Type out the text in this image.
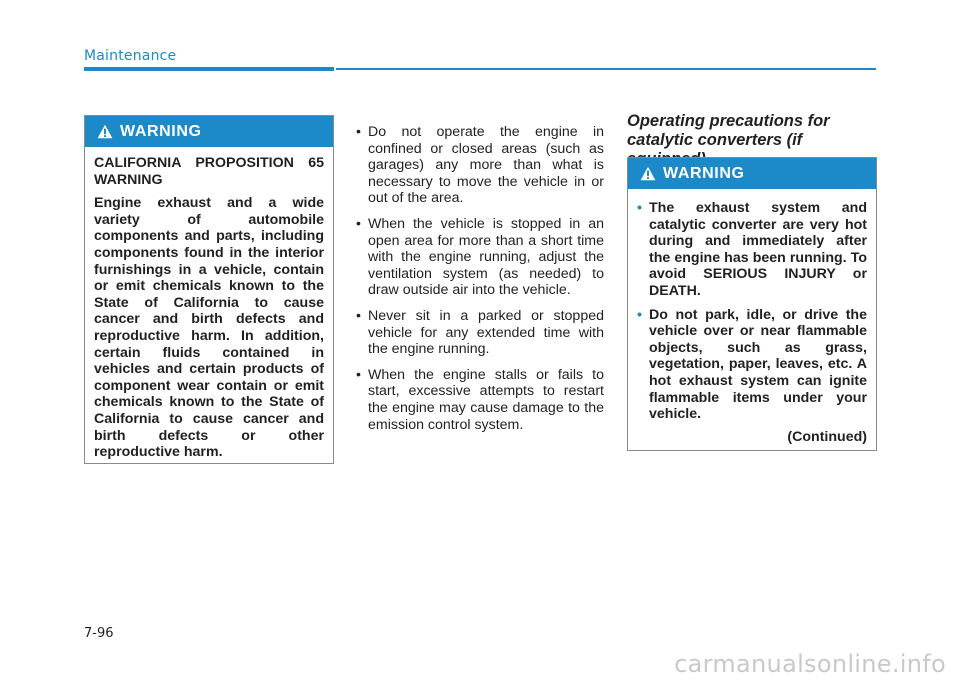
Maintenance
WARNING

CALIFORNIA PROPOSITION 65 WARNING

Engine exhaust and a wide variety of automobile components and parts, including components found in the interior furnishings in a vehicle, contain or emit chemicals known to the State of California to cause cancer and birth defects and reproductive harm. In addition, certain fluids contained in vehicles and certain products of component wear contain or emit chemicals known to the State of California to cause cancer and birth defects or other reproductive harm.

• Do not operate the engine in confined or closed areas (such as garages) any more than what is necessary to move the vehicle in or out of the area.
• When the vehicle is stopped in an open area for more than a short time with the engine running, adjust the ventilation system (as needed) to draw outside air into the vehicle.
• Never sit in a parked or stopped vehicle for any extended time with the engine running.
• When the engine stalls or fails to start, excessive attempts to restart the engine may cause damage to the emission control system.
Operating precautions for catalytic converters (if
WARNING
• The exhaust system and catalytic converter are very hot during and immediately after the engine has been running. To avoid SERIOUS INJURY or DEATH.
• Do not park, idle, or drive the vehicle over or near flammable objects, such as grass, vegetation, paper, leaves, etc. A hot exhaust system can ignite flammable items under your vehicle.
(Continued)
7-96
carmanualsonline.info
